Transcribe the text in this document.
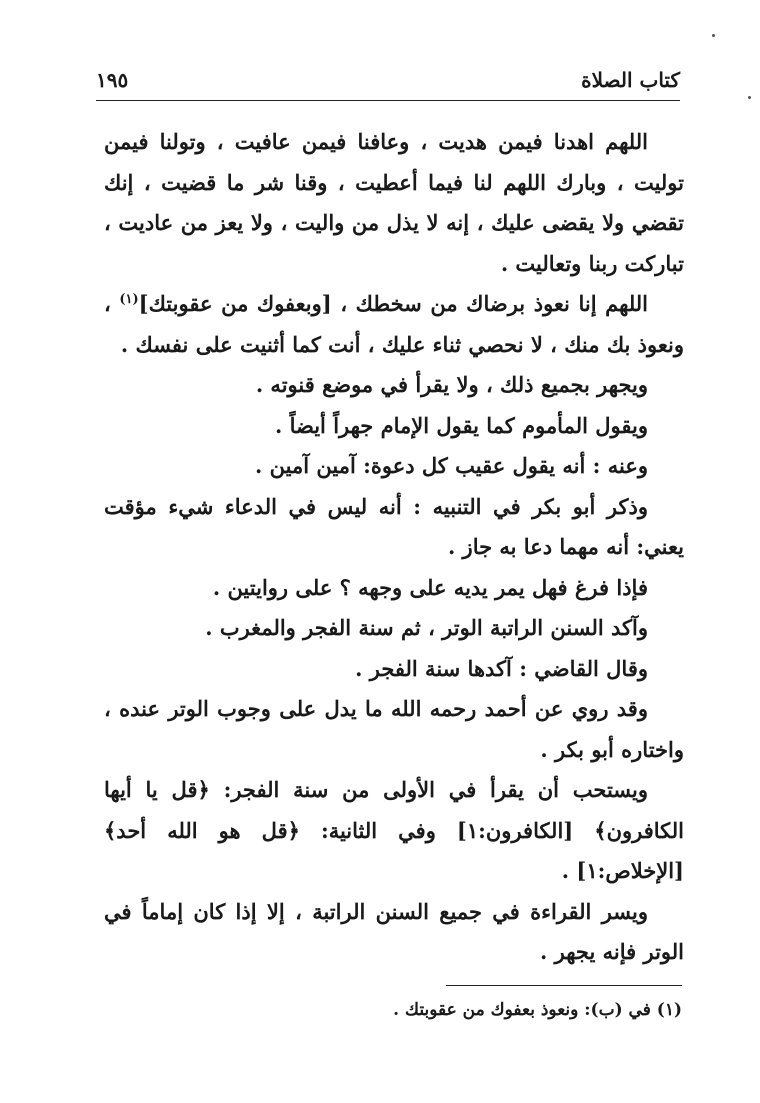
كتاب الصلاة
١٩٥

اللهم اهدنا فيمن هديت ، وعافنا فيمن عافيت ، وتولنا فيمن توليت ، وبارك اللهم لنا فيما أعطيت ، وقنا شر ما قضيت ، إنك تقضي ولا يقضى عليك ، إنه لا يذل من واليت ، ولا يعز من عاديت ، تباركت ربنا وتعاليت .

اللهم إنا نعوذ برضاك من سخطك ، [وبعفوك من عقوبتك]$^{(١)}$ ، ونعوذ بك منك ، لا نحصي ثناء عليك ، أنت كما أثنيت على نفسك .

ويجهر بجميع ذلك ، ولا يقرأ في موضع قنوته .

ويقول المأموم كما يقول الإمام جهراً أيضاً .

وعنه : أنه يقول عقيب كل دعوة: آمين آمين .

وذكر أبو بكر في التنبيه : أنه ليس في الدعاء شيء مؤقت يعني: أنه مهما دعا به جاز .

فإذا فرغ فهل يمر يديه على وجهه ؟ على روايتين .

وآكد السنن الراتبة الوتر ، ثم سنة الفجر والمغرب .

وقال القاضي : آكدها سنة الفجر .

وقد روي عن أحمد رحمه الله ما يدل على وجوب الوتر عنده ، واختاره أبو بكر .

ويستحب أن يقرأ في الأولى من سنة الفجر: ﴿قل يا أيها الكافرون﴾ [الكافرون:١] وفي الثانية: ﴿قل هو الله أحد﴾ [الإخلاص:١] .

ويسر القراءة في جميع السنن الراتبة ، إلا إذا كان إماماً في الوتر فإنه يجهر .

(١) في (ب): ونعوذ بعفوك من عقوبتك .
